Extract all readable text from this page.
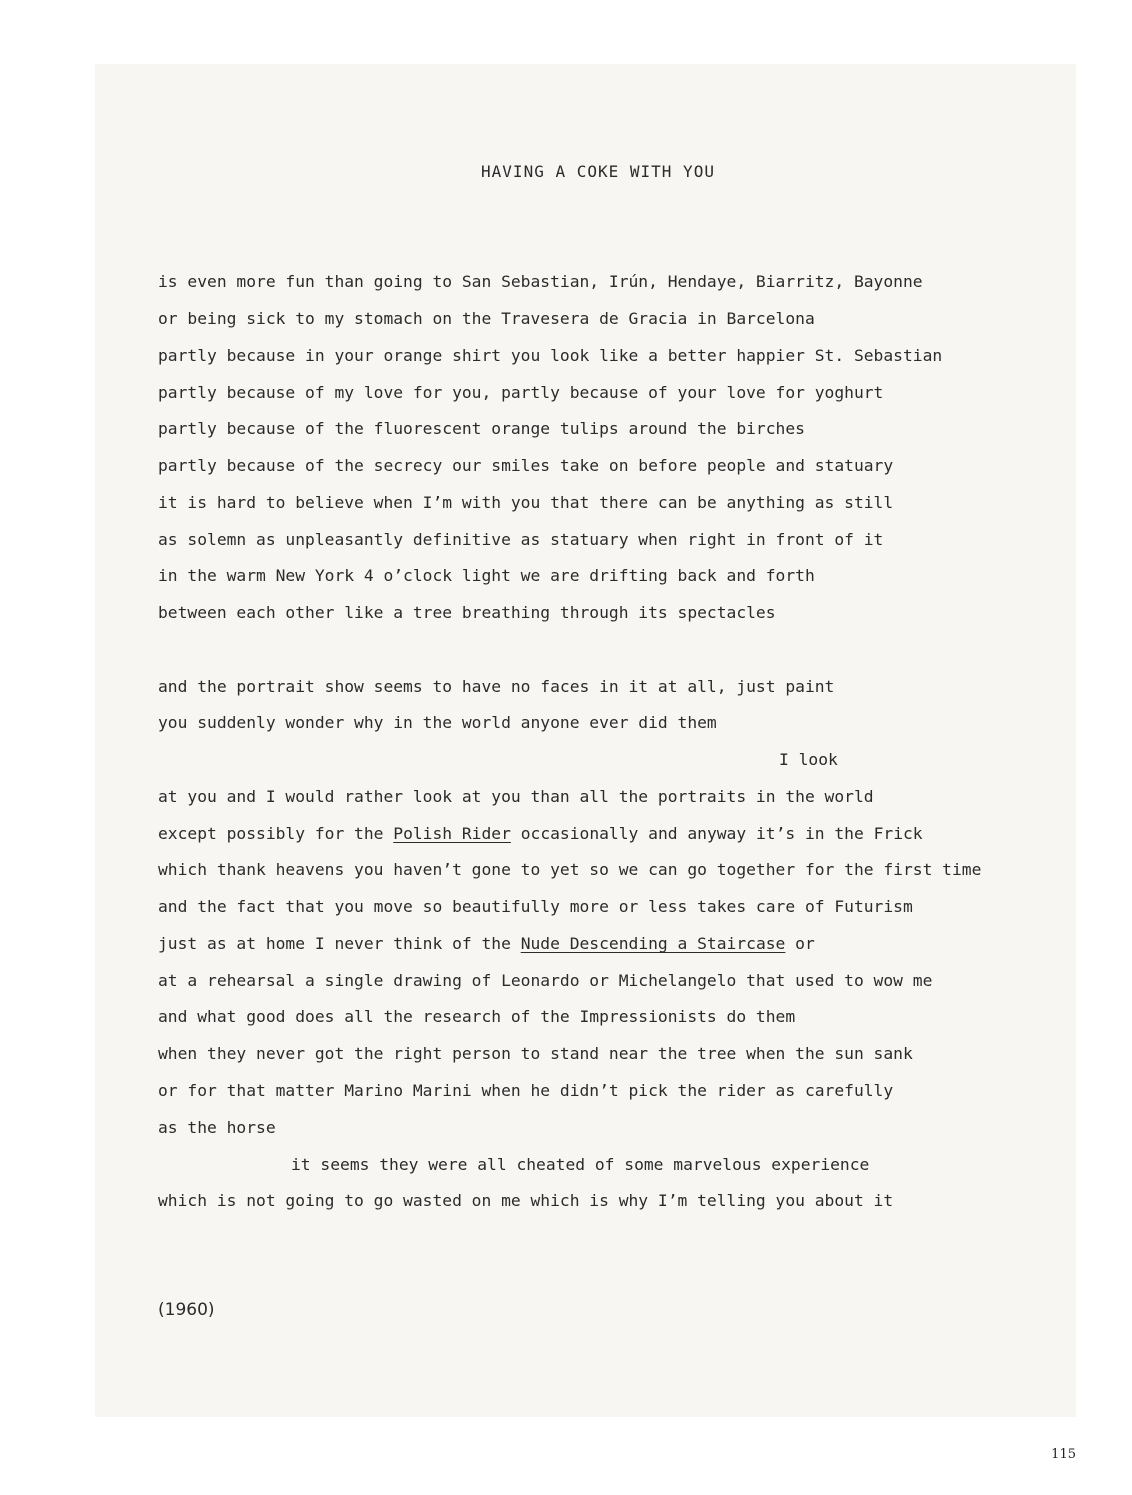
HAVING A COKE WITH YOU
is even more fun than going to San Sebastian, Irún, Hendaye, Biarritz, Bayonne
or being sick to my stomach on the Travesera de Gracia in Barcelona
partly because in your orange shirt you look like a better happier St. Sebastian
partly because of my love for you, partly because of your love for yoghurt
partly because of the fluorescent orange tulips around the birches
partly because of the secrecy our smiles take on before people and statuary
it is hard to believe when I’m with you that there can be anything as still
as solemn as unpleasantly definitive as statuary when right in front of it
in the warm New York 4 o’clock light we are drifting back and forth
between each other like a tree breathing through its spectacles
and the portrait show seems to have no faces in it at all, just paint
you suddenly wonder why in the world anyone ever did them
I look
at you and I would rather look at you than all the portraits in the world
except possibly for the Polish Rider occasionally and anyway it’s in the Frick
which thank heavens you haven’t gone to yet so we can go together for the first time
and the fact that you move so beautifully more or less takes care of Futurism
just as at home I never think of the Nude Descending a Staircase or
at a rehearsal a single drawing of Leonardo or Michelangelo that used to wow me
and what good does all the research of the Impressionists do them
when they never got the right person to stand near the tree when the sun sank
or for that matter Marino Marini when he didn’t pick the rider as carefully
as the horse
it seems they were all cheated of some marvelous experience
which is not going to go wasted on me which is why I’m telling you about it
(1960)
115
